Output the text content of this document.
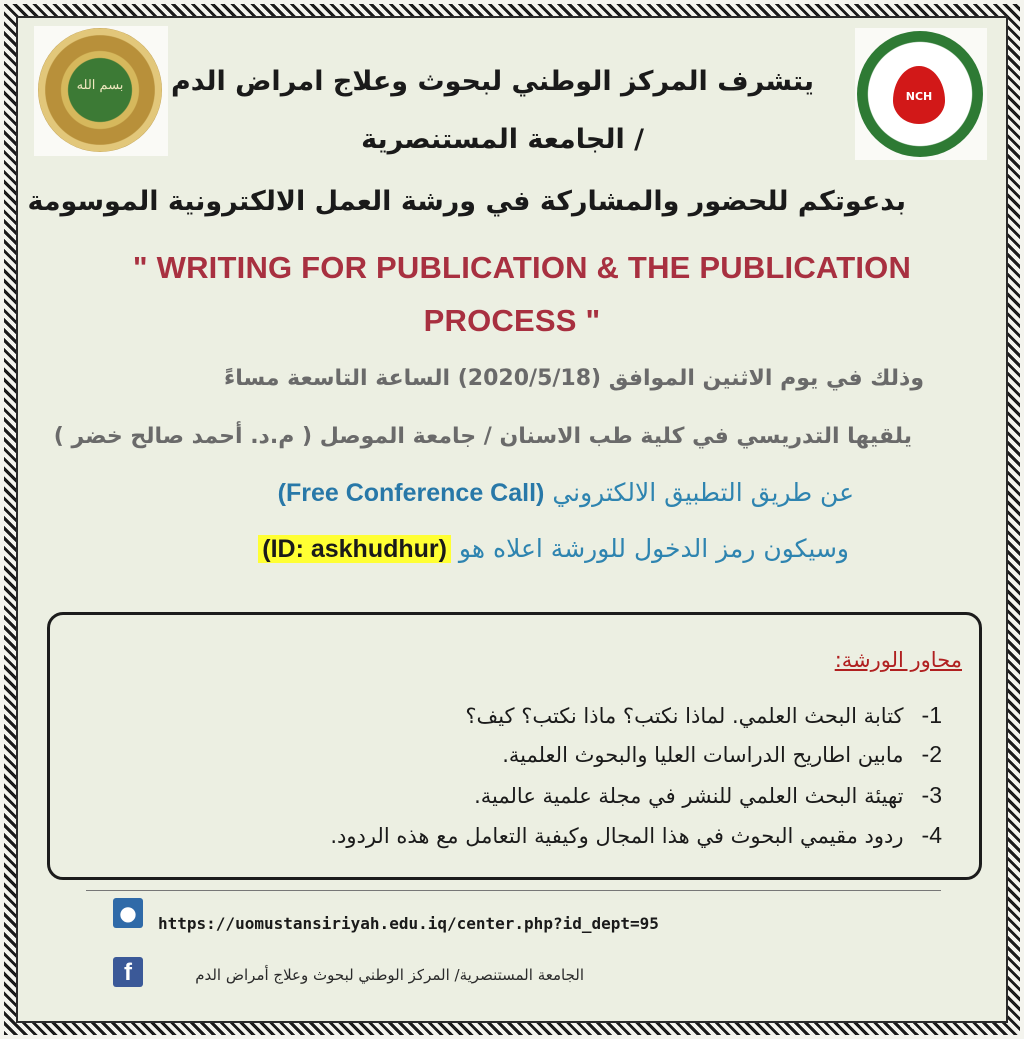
بسم الله
NCH
يتشرف المركز الوطني لبحوث وعلاج امراض الدم
/ الجامعة المستنصرية
بدعوتكم للحضور والمشاركة في ورشة العمل الالكترونية الموسومة
" WRITING FOR PUBLICATION & THE PUBLICATION
PROCESS "
وذلك في يوم الاثنين الموافق (2020/5/18) الساعة التاسعة مساءً
يلقيها التدريسي في كلية طب الاسنان / جامعة الموصل ( م.د. أحمد صالح خضر )
عن طريق التطبيق الالكتروني (Free Conference Call)
وسيكون رمز الدخول للورشة اعلاه هو (ID: askhudhur)
محاور الورشة:
1-كتابة البحث العلمي. لماذا نكتب؟ ماذا نكتب؟ كيف؟
2-مابين اطاريح الدراسات العليا والبحوث العلمية.
3-تهيئة البحث العلمي للنشر في مجلة علمية عالمية.
4-ردود مقيمي البحوث في هذا المجال وكيفية التعامل مع هذه الردود.
●	https://uomustansiriyah.edu.iq/center.php?id_dept=95
f	الجامعة المستنصرية/ المركز الوطني لبحوث وعلاج أمراض الدم
